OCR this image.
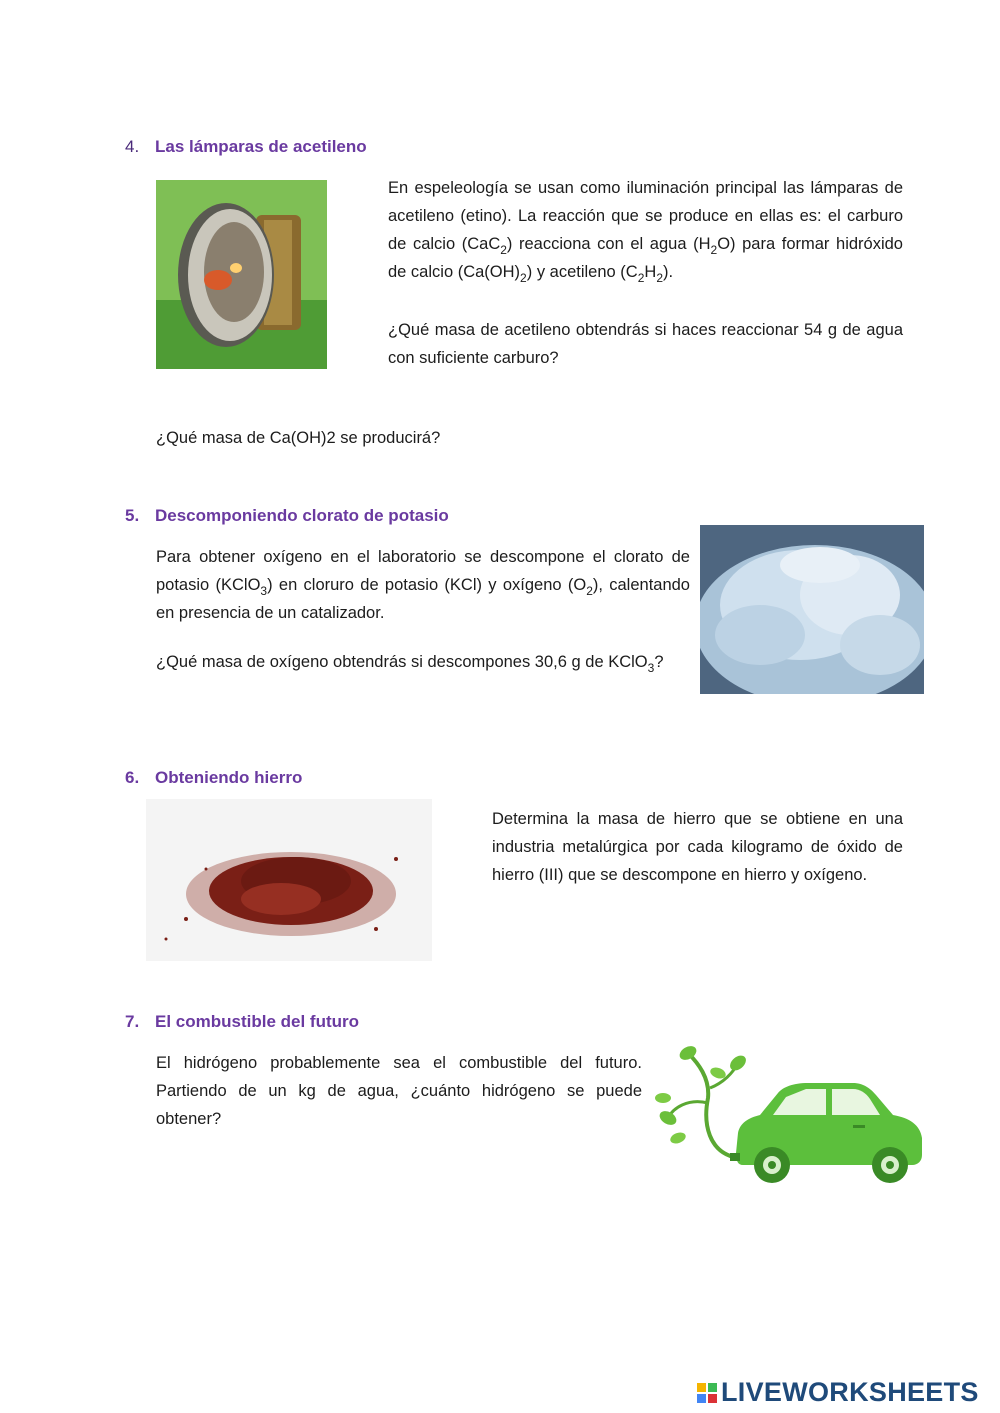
4. Las lámparas de acetileno
En espeleología se usan como iluminación principal las lámparas de acetileno (etino). La reacción que se produce en ellas es: el carburo de calcio (CaC$_2$) reacciona con el agua $(H_2O)$ para formar hidróxido de calcio $(Ca(OH)_2)$ y acetileno $(C_2H_2)$.
¿Qué masa de acetileno obtendrás si haces reaccionar 54 g de agua con suficiente carburo?
¿Qué masa de Ca(OH)2 se producirá?
5. Descomponiendo clorato de potasio
Para obtener oxígeno en el laboratorio se descompone el clorato de potasio (KClO$_3$) en cloruro de potasio (KCl) y oxígeno $(O_2)$, calentando en presencia de un catalizador.
¿Qué masa de oxígeno obtendrás si descompones 30,6 g de KClO$_3$?
6. Obteniendo hierro
Determina la masa de hierro que se obtiene en una industria metalúrgica por cada kilogramo de óxido de hierro (III) que se descompone en hierro y oxígeno.
7. El combustible del futuro
El hidrógeno probablemente sea el combustible del futuro. Partiendo de un kg de agua, ¿cuánto hidrógeno se puede obtener?
LIVEWORKSHEETS
